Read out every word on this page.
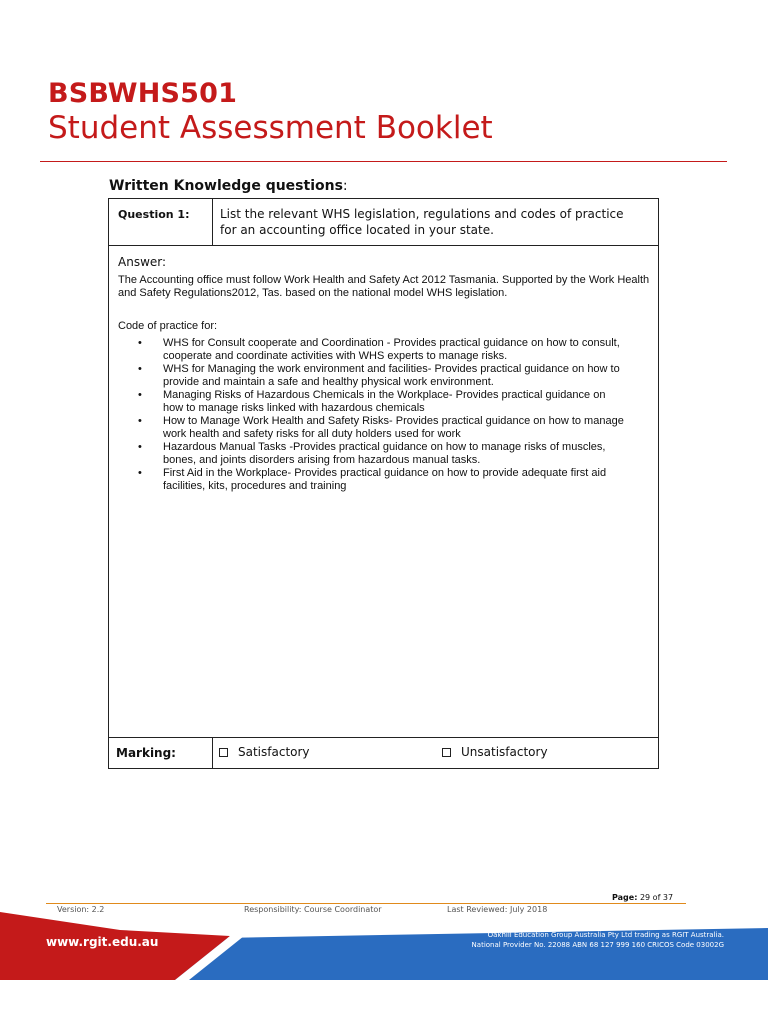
BSBWHS501
Student Assessment Booklet
Written Knowledge questions:
Question 1:	List the relevant WHS legislation, regulations and codes of practice
for an accounting office located in your state.
Answer:
The Accounting office must follow Work Health and Safety Act 2012 Tasmania. Supported by the Work Health and Safety Regulations2012, Tas. based on the national model WHS legislation.
Code of practice for:
• WHS for Consult cooperate and Coordination - Provides practical guidance on how to consult,
cooperate and coordinate activities with WHS experts to manage risks.
• WHS for Managing the work environment and facilities- Provides practical guidance on how to
provide and maintain a safe and healthy physical work environment.
• Managing Risks of Hazardous Chemicals in the Workplace- Provides practical guidance on
how to manage risks linked with hazardous chemicals
• How to Manage Work Health and Safety Risks- Provides practical guidance on how to manage
work health and safety risks for all duty holders used for work
• Hazardous Manual Tasks -Provides practical guidance on how to manage risks of muscles,
bones, and joints disorders arising from hazardous manual tasks.
• First Aid in the Workplace- Provides practical guidance on how to provide adequate first aid
facilities, kits, procedures and training
Marking:	Satisfactory	Unsatisfactory
Page: 29 of 37
Version: 2.2	Responsibility: Course Coordinator	Last Reviewed: July 2018
www.rgit.edu.au	Oakhill Education Group Australia Pty Ltd trading as RGIT Australia.
National Provider No. 22088 ABN 68 127 999 160 CRICOS Code 03002G
